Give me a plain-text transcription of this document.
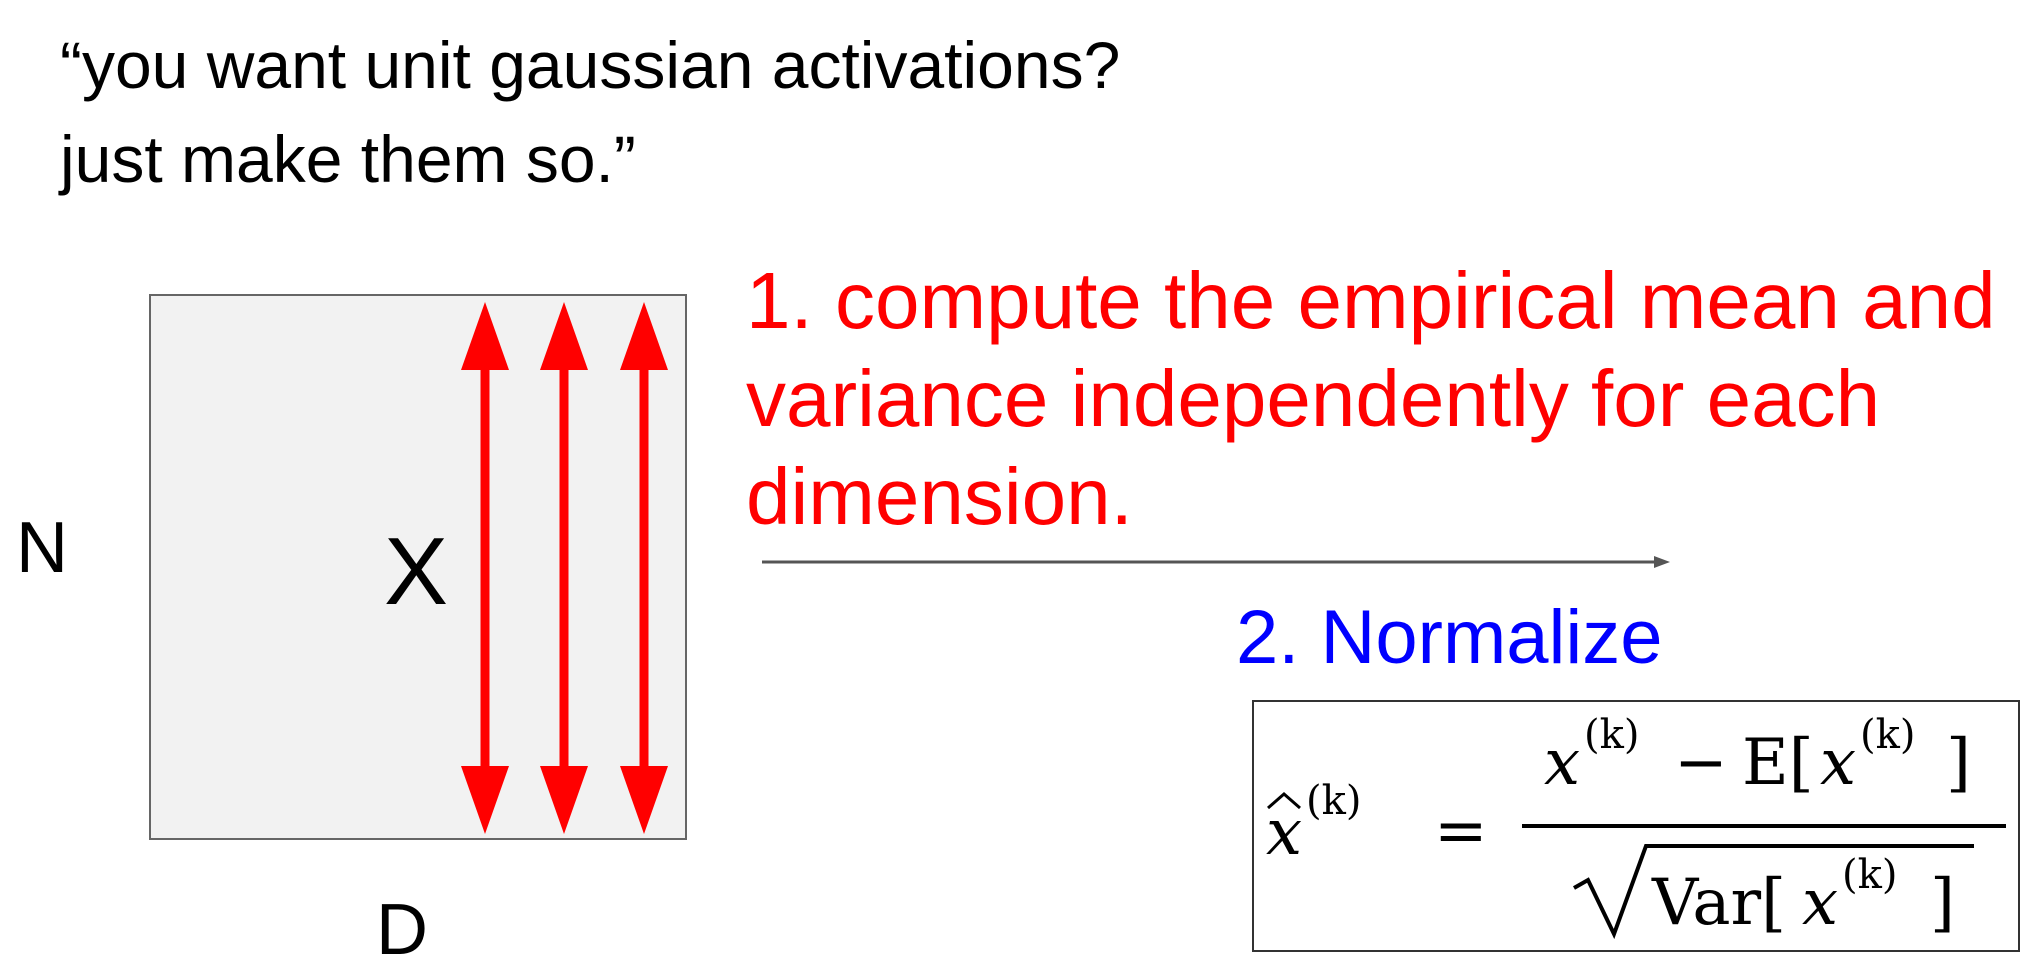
“you want unit gaussian activations?
just make them so.”
N	X
D
1. compute the empirical mean and
variance independently for each
dimension.
2. Normalize
x (k) =
x (k) − E[ x (k) ]
Var[ x (k) ]
